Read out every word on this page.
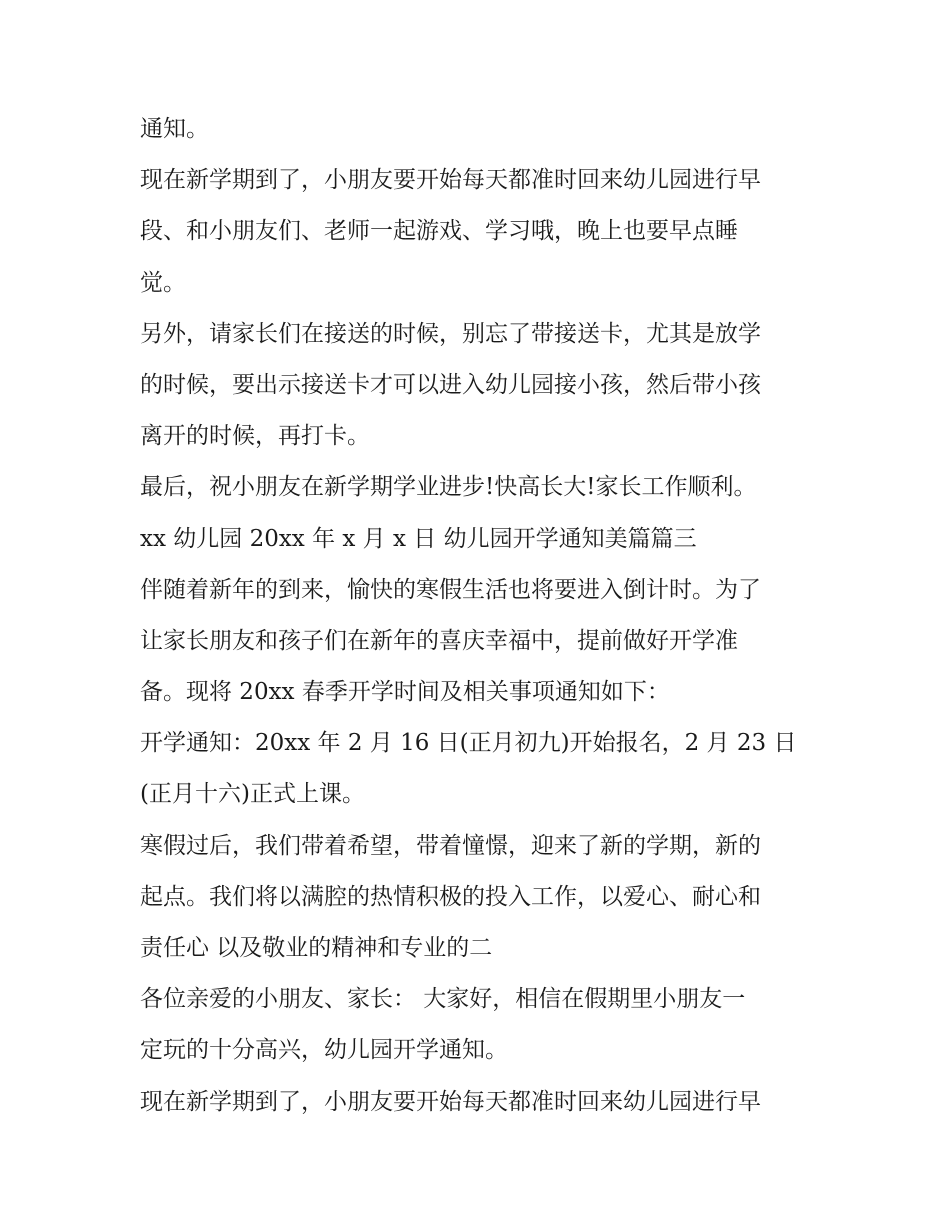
通知。
现在新学期到了，小朋友要开始每天都准时回来幼儿园进行早
段、和小朋友们、老师一起游戏、学习哦，晚上也要早点睡
觉。
另外，请家长们在接送的时候，别忘了带接送卡，尤其是放学
的时候，要出示接送卡才可以进入幼儿园接小孩，然后带小孩
离开的时候，再打卡。
最后，祝小朋友在新学期学业进步!快高长大!家长工作顺利。
xx 幼儿园 20xx 年 x 月 x 日 幼儿园开学通知美篇篇三
伴随着新年的到来，愉快的寒假生活也将要进入倒计时。为了
让家长朋友和孩子们在新年的喜庆幸福中，提前做好开学准
备。现将 20xx 春季开学时间及相关事项通知如下：
开学通知：20xx 年 2 月 16 日(正月初九)开始报名，2 月 23 日
(正月十六)正式上课。
寒假过后，我们带着希望，带着憧憬，迎来了新的学期，新的
起点。我们将以满腔的热情积极的投入工作，以爱心、耐心和
责任心 以及敬业的精神和专业的二
各位亲爱的小朋友、家长： 大家好，相信在假期里小朋友一
定玩的十分高兴，幼儿园开学通知。
现在新学期到了，小朋友要开始每天都准时回来幼儿园进行早
